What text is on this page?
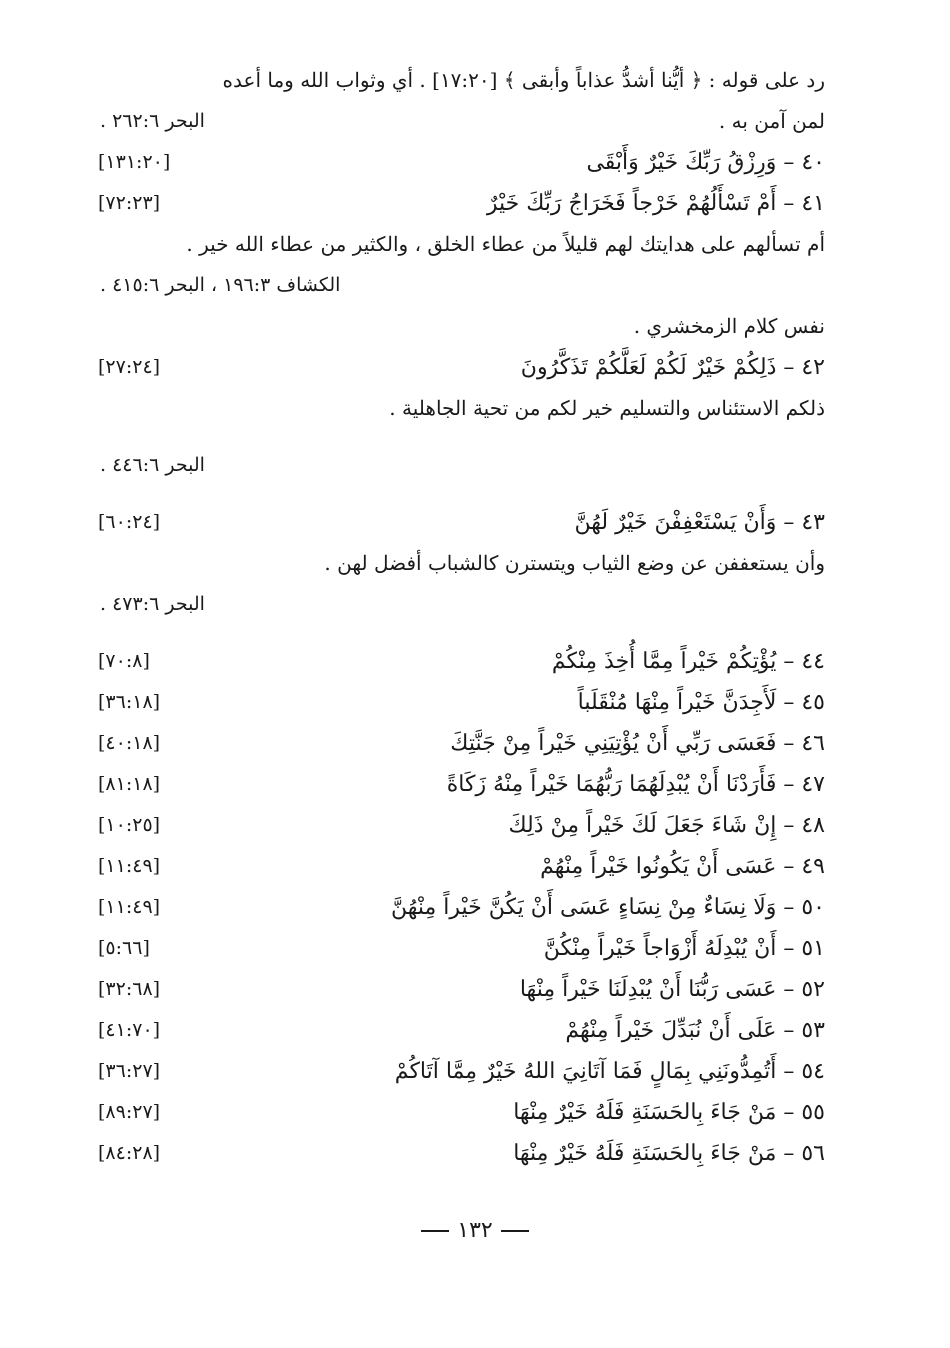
رد على قوله : ﴿ أيُّنا أشدُّ عذاباً وأبقى ﴾ [١٧:٢٠] . أي وثواب الله وما أعده
لمن آمن به .
البحر ٢٦٢:٦ .
٤٠ – وَرِزْقُ رَبِّكَ خَيْرٌ وَأَبْقَى
[١٣١:٢٠]
٤١ – أَمْ تَسْأَلُهُمْ خَرْجاً فَخَرَاجُ رَبِّكَ خَيْرٌ
[٧٢:٢٣]
أم تسألهم على هدايتك لهم قليلاً من عطاء الخلق ، والكثير من عطاء الله خير .
الكشاف ١٩٦:٣ ، البحر ٤١٥:٦ .
نفس كلام الزمخشري .
٤٢ – ذَلِكُمْ خَيْرٌ لَكُمْ لَعَلَّكُمْ تَذَكَّرُونَ
[٢٧:٢٤]
ذلكم الاستئناس والتسليم خير لكم من تحية الجاهلية .
البحر ٤٤٦:٦ .
٤٣ – وَأَنْ يَسْتَعْفِفْنَ خَيْرٌ لَهُنَّ
[٦٠:٢٤]
وأن يستعففن عن وضع الثياب ويتسترن كالشباب أفضل لهن .
البحر ٤٧٣:٦ .
٤٤ – يُؤْتِكُمْ خَيْراً مِمَّا أُخِذَ مِنْكُمْ
[٧٠:٨]
٤٥ – لَأَجِدَنَّ خَيْراً مِنْهَا مُنْقَلَباً
[٣٦:١٨]
٤٦ – فَعَسَى رَبِّي أَنْ يُؤْتِيَنِي خَيْراً مِنْ جَنَّتِكَ
[٤٠:١٨]
٤٧ – فَأَرَدْنَا أَنْ يُبْدِلَهُمَا رَبُّهُمَا خَيْراً مِنْهُ زَكَاةً
[٨١:١٨]
٤٨ – إِنْ شَاءَ جَعَلَ لَكَ خَيْراً مِنْ ذَلِكَ
[١٠:٢٥]
٤٩ – عَسَى أَنْ يَكُونُوا خَيْراً مِنْهُمْ
[١١:٤٩]
٥٠ – وَلَا نِسَاءٌ مِنْ نِسَاءٍ عَسَى أَنْ يَكُنَّ خَيْراً مِنْهُنَّ
[١١:٤٩]
٥١ – أَنْ يُبْدِلَهُ أَزْوَاجاً خَيْراً مِنْكُنَّ
[٥:٦٦]
٥٢ – عَسَى رَبُّنَا أَنْ يُبْدِلَنَا خَيْراً مِنْهَا
[٣٢:٦٨]
٥٣ – عَلَى أَنْ نُبَدِّلَ خَيْراً مِنْهُمْ
[٤١:٧٠]
٥٤ – أَتُمِدُّونَنِي بِمَالٍ فَمَا آتَانِيَ اللهُ خَيْرٌ مِمَّا آتَاكُمْ
[٣٦:٢٧]
٥٥ – مَنْ جَاءَ بِالحَسَنَةِ فَلَهُ خَيْرٌ مِنْهَا
[٨٩:٢٧]
٥٦ – مَنْ جَاءَ بِالحَسَنَةِ فَلَهُ خَيْرٌ مِنْهَا
[٨٤:٢٨]
١٣٢
